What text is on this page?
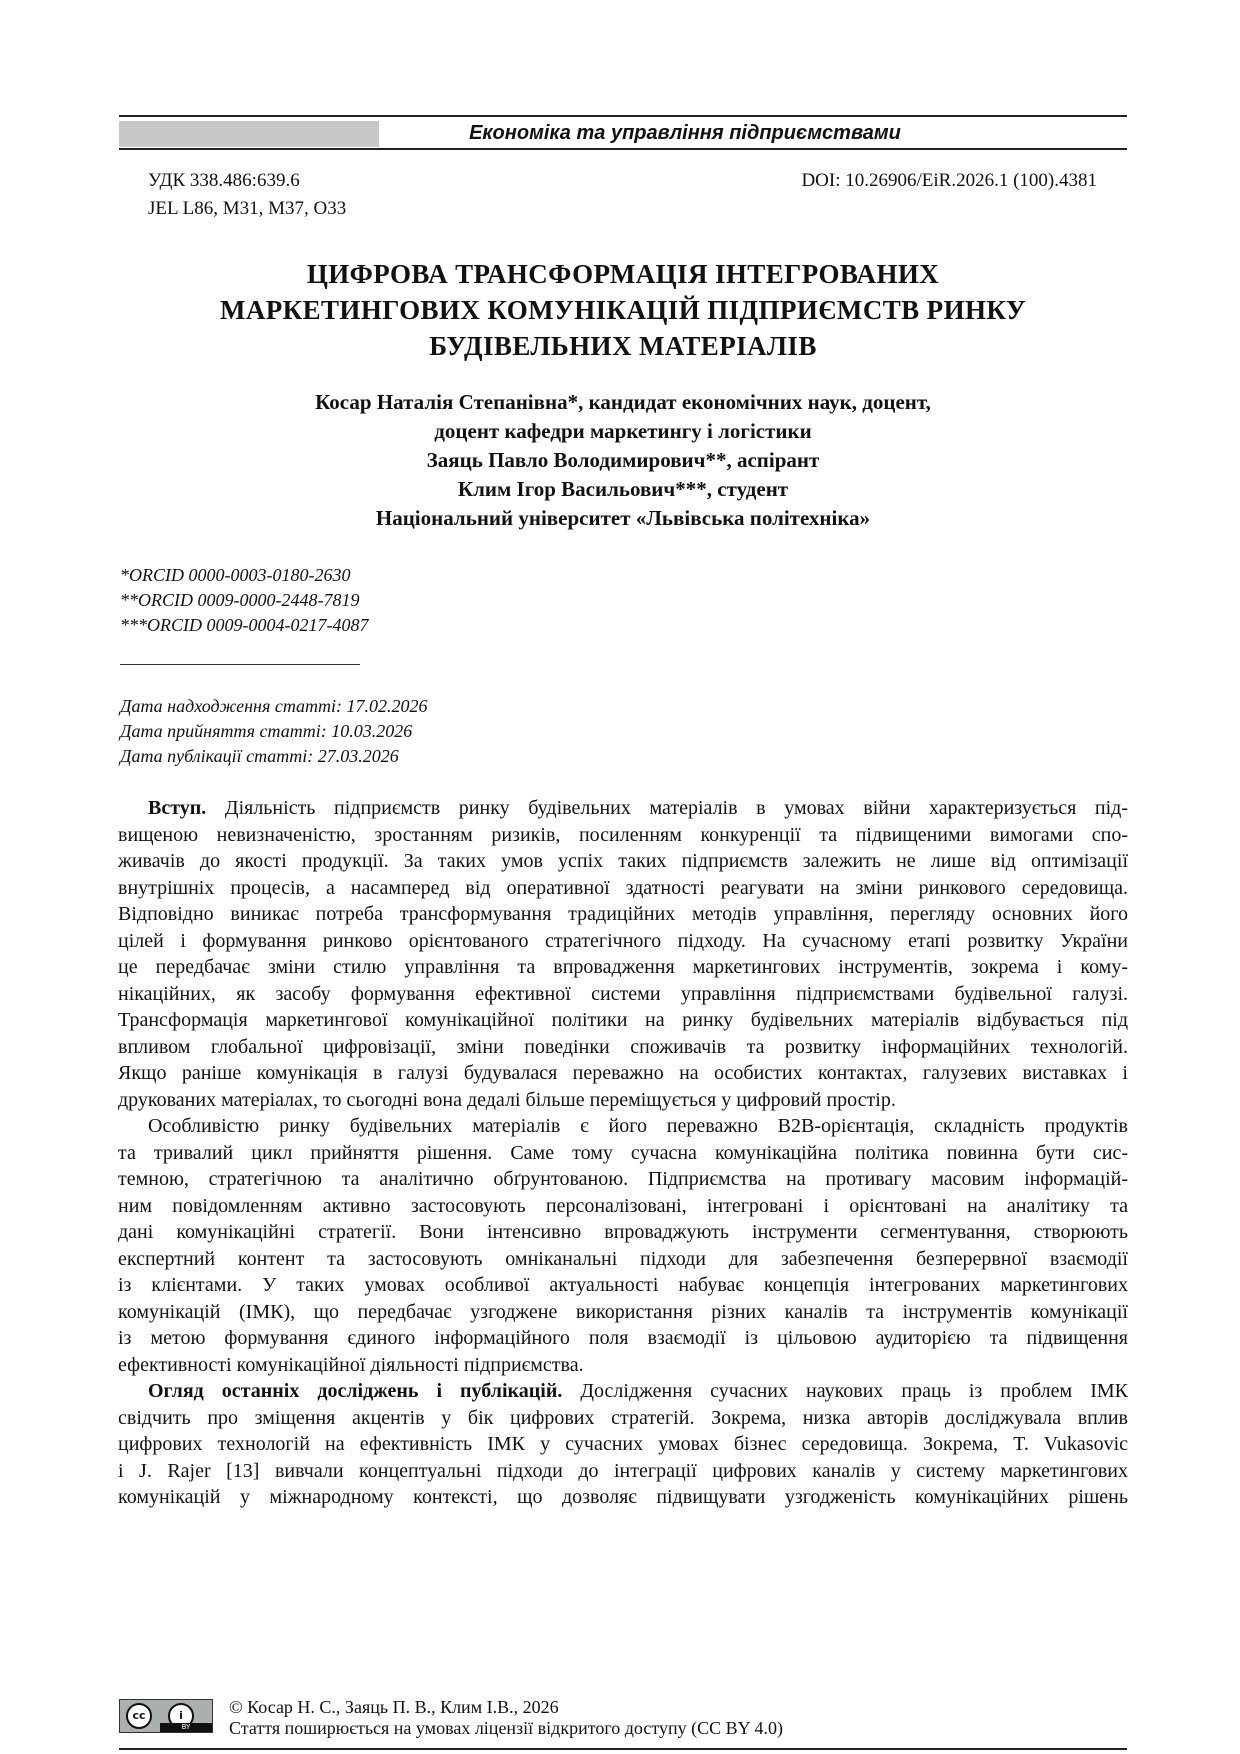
Економіка та управління підприємствами
УДК 338.486:639.6
JEL L86, M31, M37, O33
DOI: 10.26906/EiR.2026.1 (100).4381
ЦИФРОВА ТРАНСФОРМАЦІЯ ІНТЕГРОВАНИХ
МАРКЕТИНГОВИХ КОМУНІКАЦІЙ ПІДПРИЄМСТВ РИНКУ
БУДІВЕЛЬНИХ МАТЕРІАЛІВ
Косар Наталія Степанівна*, кандидат економічних наук, доцент,
доцент кафедри маркетингу і логістики
Заяць Павло Володимирович**, аспірант
Клим Ігор Васильович***, студент
Національний університет «Львівська політехніка»
*ORCID 0000-0003-0180-2630
**ORCID 0009-0000-2448-7819
***ORCID 0009-0004-0217-4087
Дата надходження статті: 17.02.2026
Дата прийняття статті: 10.03.2026
Дата публікації статті: 27.03.2026
Вступ. Діяльність підприємств ринку будівельних матеріалів в умовах війни характеризується під-
вищеною невизначеністю, зростанням ризиків, посиленням конкуренції та підвищеними вимогами спо-
живачів до якості продукції. За таких умов успіх таких підприємств залежить не лише від оптимізації
внутрішніх процесів, а насамперед від оперативної здатності реагувати на зміни ринкового середовища.
Відповідно виникає потреба трансформування традиційних методів управління, перегляду основних його
цілей і формування ринково орієнтованого стратегічного підходу. На сучасному етапі розвитку України
це передбачає зміни стилю управління та впровадження маркетингових інструментів, зокрема і кому-
нікаційних, як засобу формування ефективної системи управління підприємствами будівельної галузі.
Трансформація маркетингової комунікаційної політики на ринку будівельних матеріалів відбувається під
впливом глобальної цифровізації, зміни поведінки споживачів та розвитку інформаційних технологій.
Якщо раніше комунікація в галузі будувалася переважно на особистих контактах, галузевих виставках і
друкованих матеріалах, то сьогодні вона дедалі більше переміщується у цифровий простір.
Особливістю ринку будівельних матеріалів є його переважно B2B-орієнтація, складність продуктів
та тривалий цикл прийняття рішення. Саме тому сучасна комунікаційна політика повинна бути сис-
темною, стратегічною та аналітично обґрунтованою. Підприємства на противагу масовим інформацій-
ним повідомленням активно застосовують персоналізовані, інтегровані і орієнтовані на аналітику та
дані комунікаційні стратегії. Вони інтенсивно впроваджують інструменти сегментування, створюють
експертний контент та застосовують омніканальні підходи для забезпечення безперервної взаємодії
із клієнтами. У таких умовах особливої актуальності набуває концепція інтегрованих маркетингових
комунікацій (ІМК), що передбачає узгоджене використання різних каналів та інструментів комунікації
із метою формування єдиного інформаційного поля взаємодії із цільовою аудиторією та підвищення
ефективності комунікаційної діяльності підприємства.
Огляд останніх досліджень і публікацій. Дослідження сучасних наукових праць із проблем ІМК
свідчить про зміщення акцентів у бік цифрових стратегій. Зокрема, низка авторів досліджувала вплив
цифрових технологій на ефективність ІМК у сучасних умовах бізнес середовища. Зокрема, T. Vukasovic
і J. Rajer [13] вивчали концептуальні підходи до інтеграції цифрових каналів у систему маркетингових
комунікацій у міжнародному контексті, що дозволяє підвищувати узгодженість комунікаційних рішень
cc	i
BY
© Косар Н. С., Заяць П. В., Клим І.В., 2026
Стаття поширюється на умовах ліцензії відкритого доступу (CC BY 4.0)
